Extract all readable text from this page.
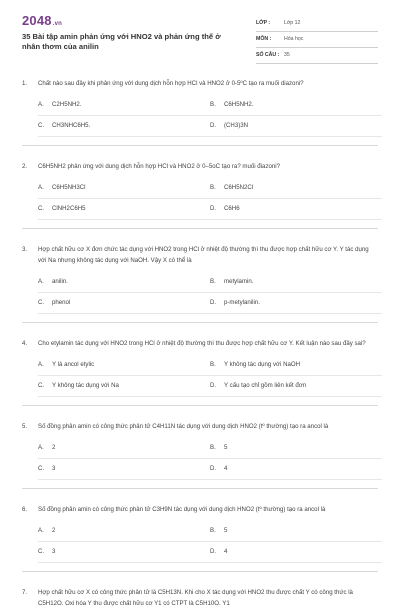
2048.vn
35 Bài tập amin phản ứng với HNO2 và phản ứng thế ở nhân thơm của anilin
LỚP :	Lớp 12
MÔN : Hóa học
SỐ CÂU : 35
1. Chất nào sau đây khi phản ứng với dung dịch hỗn hợp HCl và HNO2 ở 0-5ºC tạo ra muối diazoni?
A. C2H5NH2.	B. C6H5NH2.
C. CH3NHC6H5.	D. (CH3)3N
2. C6H5NH2 phản ứng với dung dịch hỗn hợp HCl và HNO2 ở 0–5oC tạo ra? muối điazoni?
A. C6H5NH3Cl	B. C6H5N2Cl
C. ClNH2C6H5	D. C6H6
3. Hợp chất hữu cơ X đơn chức tác dụng với HNO2 trong HCl ở nhiệt độ thường thì thu được hợp chất hữu cơ Y. Y tác dụng với Na nhưng không tác dụng với NaOH. Vậy X có thể là
A. anilin.	B. metylamin.
C. phenol	D. p-metylanilin.
4. Cho etylamin tác dụng với HNO2 trong HCl ở nhiệt độ thường thì thu được hợp chất hữu cơ Y. Kết luận nào sau đây sai?
A. Y là ancol etylic	B. Y không tác dụng với NaOH
C. Y không tác dụng với Na	D. Y cấu tạo chỉ gồm liên kết đơn
5. Số đồng phân amin có công thức phân tử C4H11N tác dụng với dung dịch HNO2 (tº thường) tạo ra ancol là
A. 2	B. 5
C. 3	D. 4
6. Số đồng phân amin có công thức phân tử C3H9N tác dụng với dung dịch HNO2 (tº thường) tạo ra ancol là
A. 2	B. 5
C. 3	D. 4
7. Hợp chất hữu cơ X có công thức phân tử là C5H13N. Khi cho X tác dụng với HNO2 thu được chất Y có công thức là C5H12O. Oxi hóa Y thu được chất hữu cơ Y1 có CTPT là C5H10O. Y1
